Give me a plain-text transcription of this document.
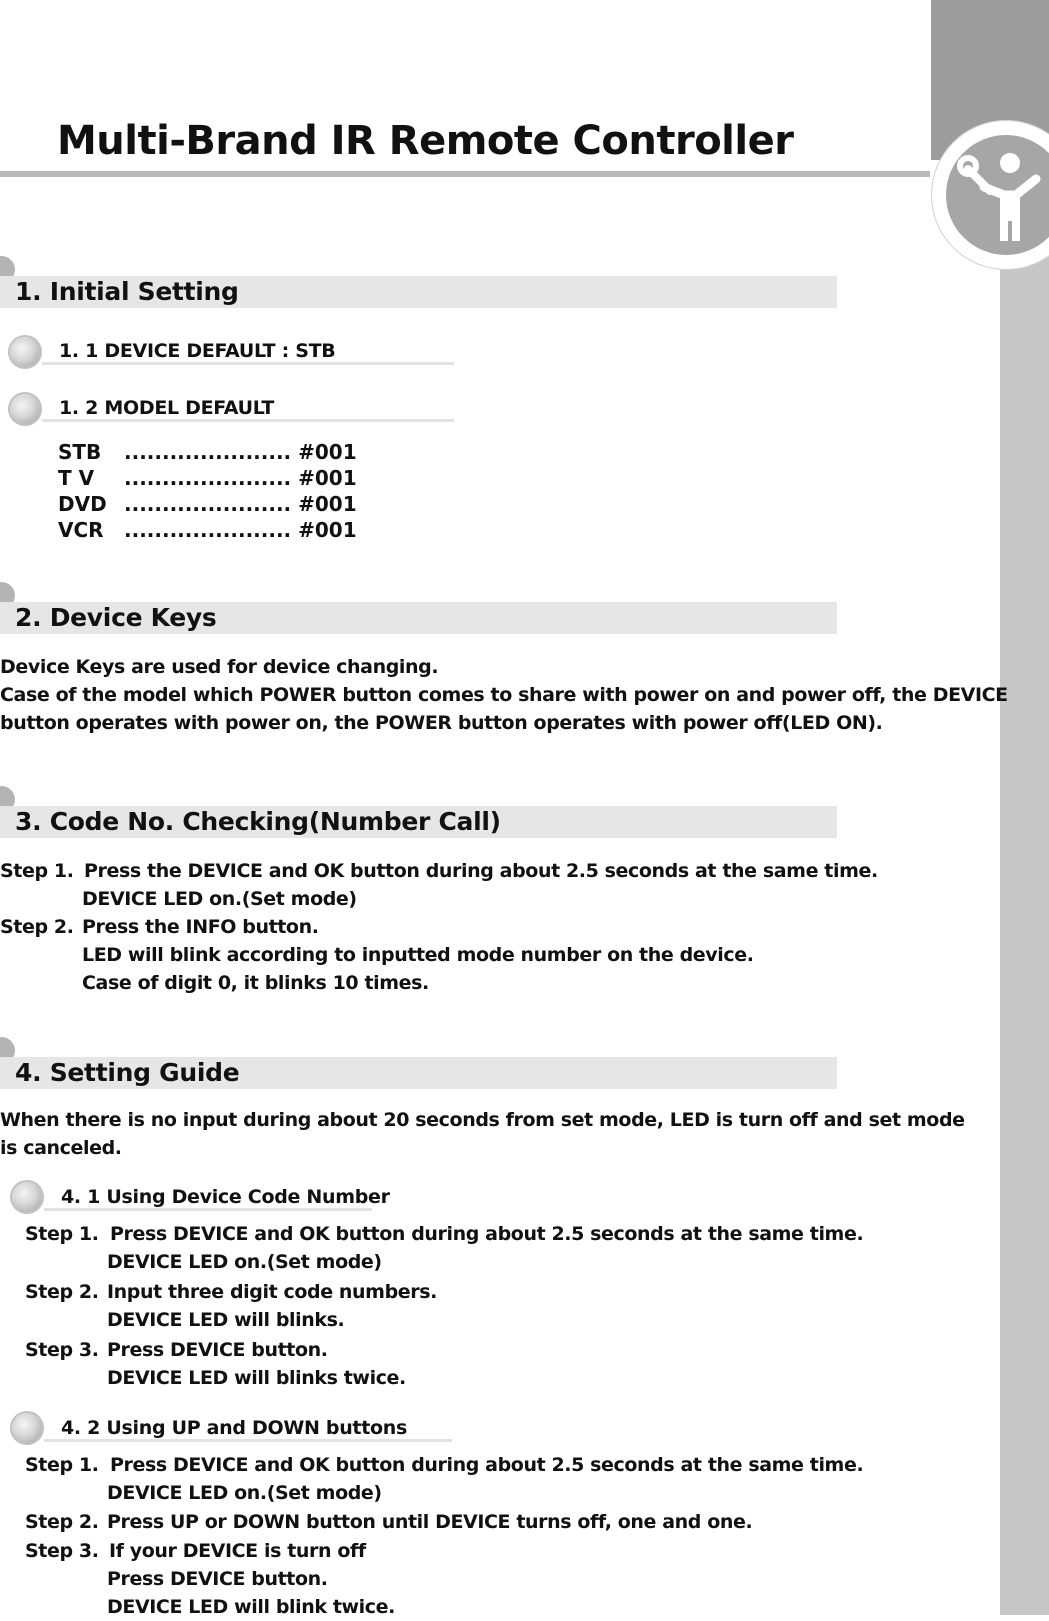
Multi-Brand IR Remote Controller
1. Initial Setting
1. 1 DEVICE DEFAULT : STB
1. 2 MODEL DEFAULT
STB ...................... #001
T V ...................... #001
DVD ...................... #001
VCR ...................... #001
2. Device Keys
Device Keys are used for device changing.
Case of the model which POWER button comes to share with power on and power off, the DEVICE
button operates with power on, the POWER button operates with power off(LED ON).
3. Code No. Checking(Number Call)
Step 1. Press the DEVICE and OK button during about 2.5 seconds at the same time.
DEVICE LED on.(Set mode)
Step 2. Press the INFO button.
LED will blink according to inputted mode number on the device.
Case of digit 0, it blinks 10 times.
4. Setting Guide
When there is no input during about 20 seconds from set mode, LED is turn off and set mode
is canceled.
4. 1 Using Device Code Number
Step 1. Press DEVICE and OK button during about 2.5 seconds at the same time.
DEVICE LED on.(Set mode)
Step 2. Input three digit code numbers.
DEVICE LED will blinks.
Step 3. Press DEVICE button.
DEVICE LED will blinks twice.
4. 2 Using UP and DOWN buttons
Step 1. Press DEVICE and OK button during about 2.5 seconds at the same time.
DEVICE LED on.(Set mode)
Step 2. Press UP or DOWN button until DEVICE turns off, one and one.
Step 3. If your DEVICE is turn off
Press DEVICE button.
DEVICE LED will blink twice.
